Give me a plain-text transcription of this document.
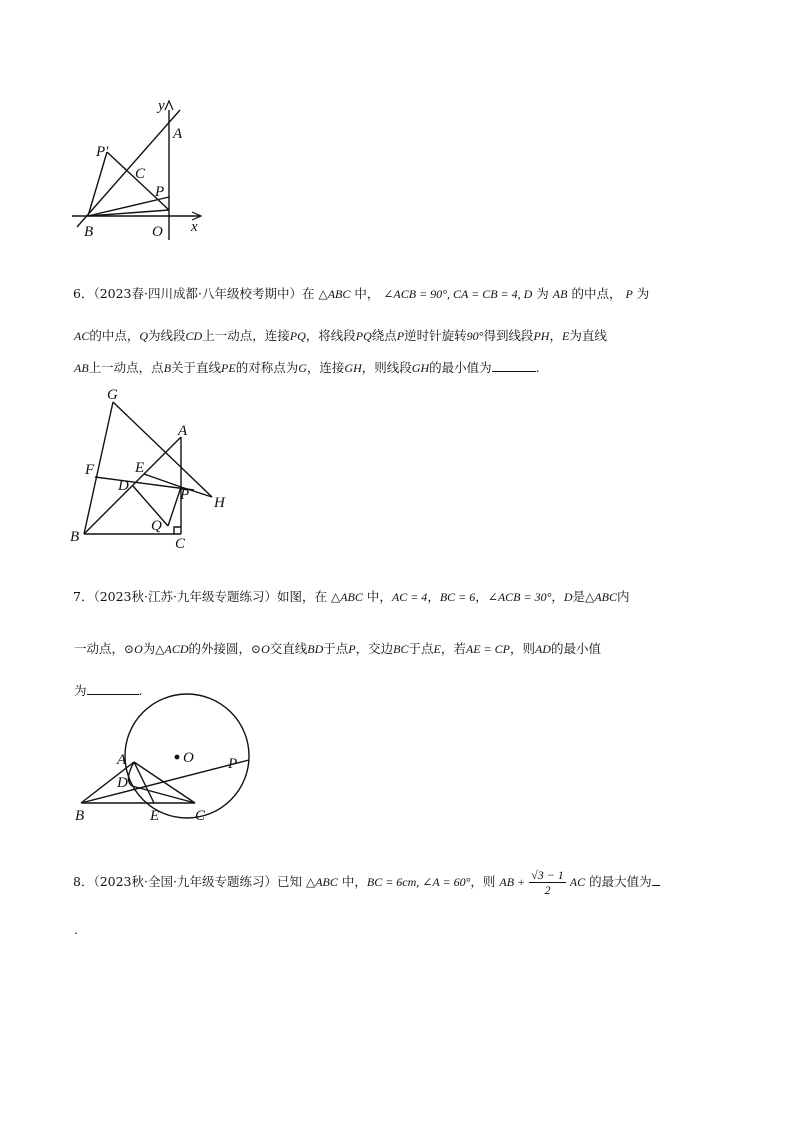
y
A
P′
C
P
B	O x
6．（2023春·四川成都·八年级校考期中）在 △ABC 中， ∠ACB = 90°, CA = CB = 4, D 为 AB 的中点， P 为
AC的中点，Q为线段CD上一动点，连接PQ，将线段PQ绕点P逆时针旋转90°得到线段PH，E为直线
AB上一动点，点B关于直线PE的对称点为G，连接GH，则线段GH的最小值为	.
G
A
F	E
D
P H
Q
B	C
7．（2023秋·江苏·九年级专题练习）如图，在 △ABC 中，AC = 4，BC = 6，∠ACB = 30°，D是△ABC内
一动点，⊙O为△ACD的外接圆，⊙O交直线BD于点P，交边BC于点E，若AE = CP，则AD的最小值
为	.
A	O P
D
B	E C
8．（2023秋·全国·九年级专题练习）已知 △ABC 中，BC = 6cm, ∠A = 60°，则 AB + $\frac{√3 - 1}{2}$ AC 的最大值为
.
